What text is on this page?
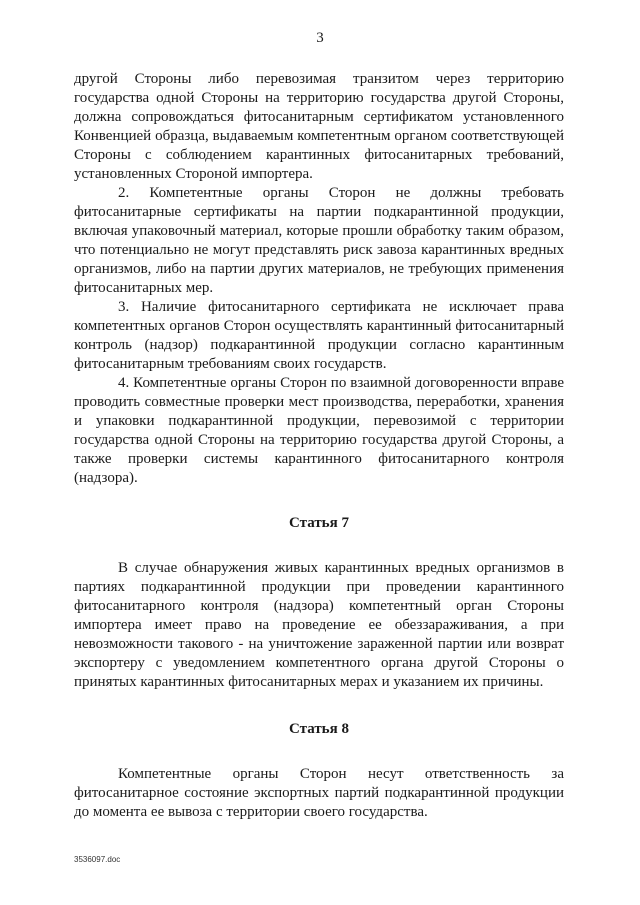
3

другой Стороны либо перевозимая транзитом через территорию государства одной Стороны на территорию государства другой Стороны, должна сопровождаться фитосанитарным сертификатом установленного Конвенцией образца, выдаваемым компетентным органом соответствующей Стороны с соблюдением карантинных фитосанитарных требований, установленных Стороной импортера.

2. Компетентные органы Сторон не должны требовать фитосанитарные сертификаты на партии подкарантинной продукции, включая упаковочный материал, которые прошли обработку таким образом, что потенциально не могут представлять риск завоза карантинных вредных организмов, либо на партии других материалов, не требующих применения фитосанитарных мер.

3. Наличие фитосанитарного сертификата не исключает права компетентных органов Сторон осуществлять карантинный фитосанитарный контроль (надзор) подкарантинной продукции согласно карантинным фитосанитарным требованиям своих государств.

4. Компетентные органы Сторон по взаимной договоренности вправе проводить совместные проверки мест производства, переработки, хранения и упаковки подкарантинной продукции, перевозимой с территории государства одной Стороны на территорию государства другой Стороны, а также проверки системы карантинного фитосанитарного контроля (надзора).

Статья 7

В случае обнаружения живых карантинных вредных организмов в партиях подкарантинной продукции при проведении карантинного фитосанитарного контроля (надзора) компетентный орган Стороны импортера имеет право на проведение ее обеззараживания, а при невозможности такового - на уничтожение зараженной партии или возврат экспортеру с уведомлением компетентного органа другой Стороны о принятых карантинных фитосанитарных мерах и указанием их причины.

Статья 8

Компетентные органы Сторон несут ответственность за фитосанитарное состояние экспортных партий подкарантинной продукции до момента ее вывоза с территории своего государства.

3536097.doc
